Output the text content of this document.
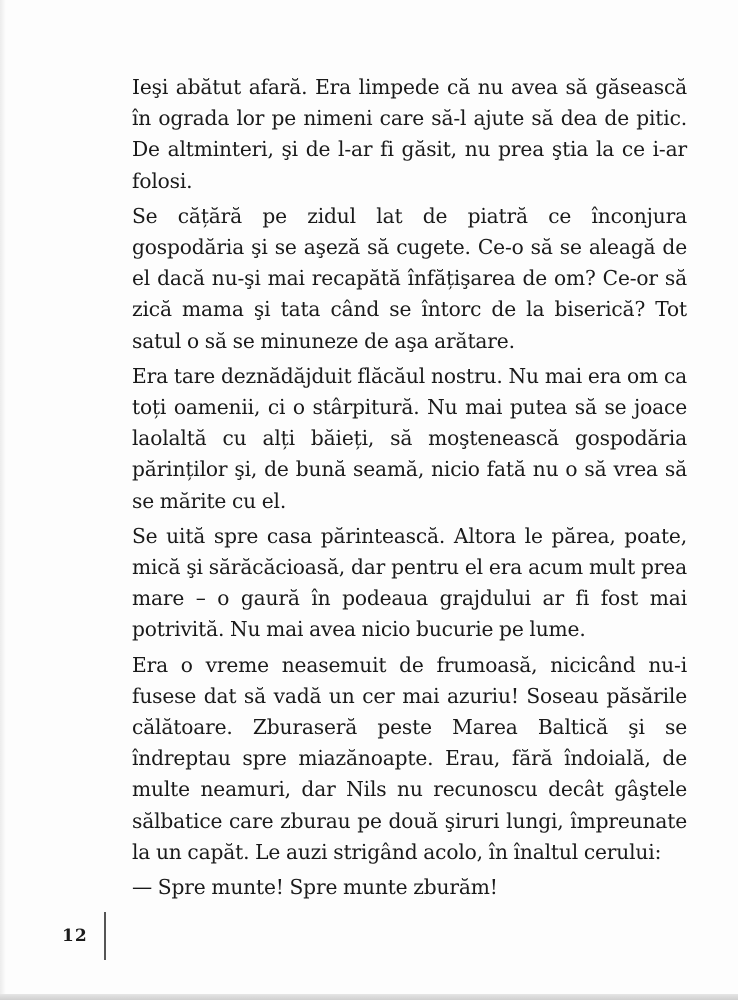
Ieşi abătut afară. Era limpede că nu avea să găsească în ograda lor pe nimeni care să-l ajute să dea de pitic. De altminteri, şi de l-ar fi găsit, nu prea ştia la ce i-ar folosi.

Se cățără pe zidul lat de piatră ce înconjura gospodăria şi se aşeză să cugete. Ce-o să se aleagă de el dacă nu-şi mai recapătă înfățişarea de om? Ce-or să zică mama şi tata când se întorc de la biserică? Tot satul o să se minuneze de aşa arătare.

Era tare deznădăjduit flăcăul nostru. Nu mai era om ca toți oamenii, ci o stârpitură. Nu mai putea să se joace laolaltă cu alți băieți, să moştenească gospodăria părinților şi, de bună seamă, nicio fată nu o să vrea să se mărite cu el.

Se uită spre casa părintească. Altora le părea, poate, mică şi sărăcăcioasă, dar pentru el era acum mult prea mare – o gaură în podeaua grajdului ar fi fost mai potrivită. Nu mai avea nicio bucurie pe lume.

Era o vreme neasemuit de frumoasă, nicicând nu-i fusese dat să vadă un cer mai azuriu! Soseau păsările călătoare. Zburaseră peste Marea Baltică şi se îndreptau spre miazănoapte. Erau, fără îndoială, de multe neamuri, dar Nils nu recunoscu decât gâştele sălbatice care zburau pe două şiruri lungi, împreunate la un capăt. Le auzi strigând acolo, în înaltul cerului:

— Spre munte! Spre munte zburăm!

12
